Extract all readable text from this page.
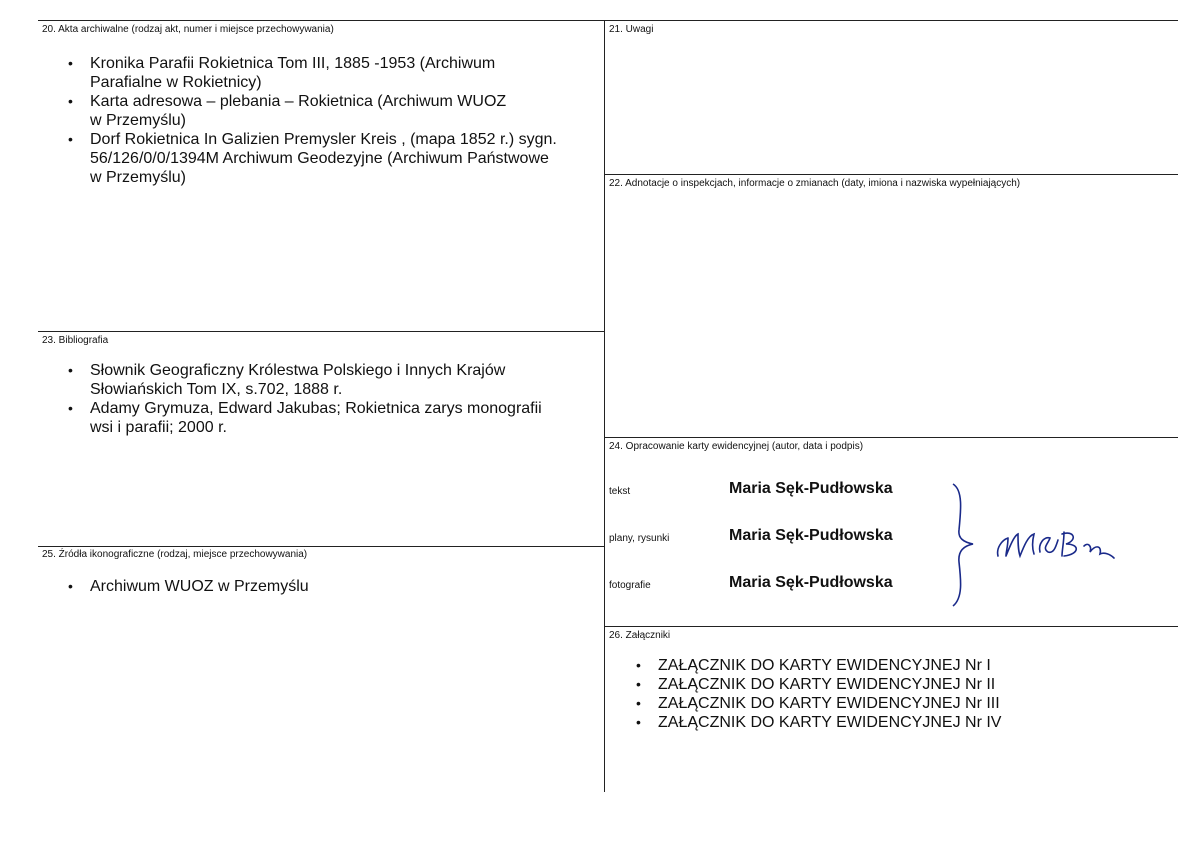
20. Akta archiwalne (rodzaj akt, numer i miejsce przechowywania)
• Kronika Parafii Rokietnica Tom III, 1885 -1953 (Archiwum
Parafialne w Rokietnicy)
• Karta adresowa – plebania – Rokietnica (Archiwum WUOZ
w Przemyślu)
• Dorf Rokietnica In Galizien Premysler Kreis , (mapa 1852 r.) sygn.
56/126/0/0/1394M Archiwum Geodezyjne (Archiwum Państwowe
w Przemyślu)
21. Uwagi
22. Adnotacje o inspekcjach, informacje o zmianach (daty, imiona i nazwiska wypełniających)
23. Bibliografia
• Słownik Geograficzny Królestwa Polskiego i Innych Krajów
Słowiańskich Tom IX, s.702, 1888 r.
• Adamy Grymuza, Edward Jakubas; Rokietnica zarys monografii
wsi i parafii; 2000 r.
24. Opracowanie karty ewidencyjnej (autor, data i podpis)
tekst	Maria Sęk-Pudłowska
plany, rysunki	Maria Sęk-Pudłowska
fotografie	Maria Sęk-Pudłowska
25. Źródła ikonograficzne (rodzaj, miejsce przechowywania)
• Archiwum WUOZ w Przemyślu
26. Załączniki
• ZAŁĄCZNIK DO KARTY EWIDENCYJNEJ Nr I
• ZAŁĄCZNIK DO KARTY EWIDENCYJNEJ Nr II
• ZAŁĄCZNIK DO KARTY EWIDENCYJNEJ Nr III
• ZAŁĄCZNIK DO KARTY EWIDENCYJNEJ Nr IV
